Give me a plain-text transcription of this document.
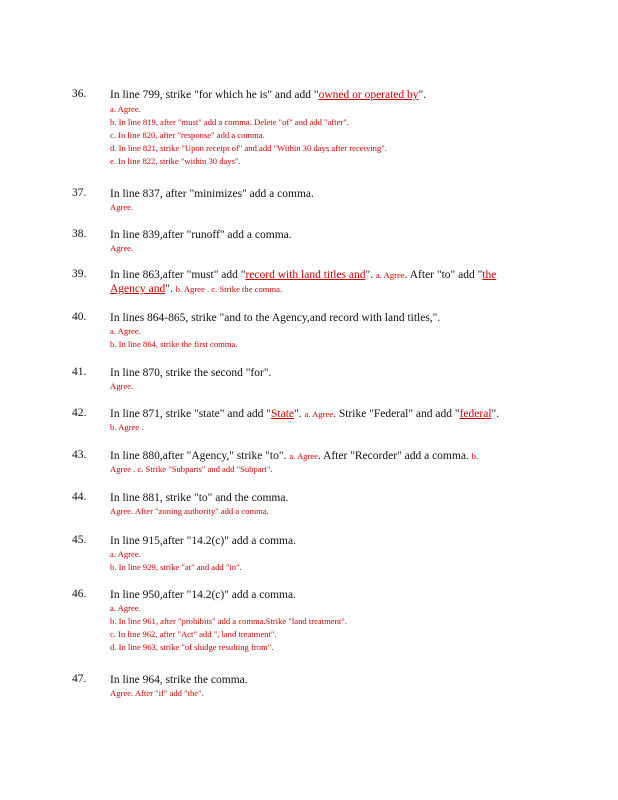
36.	In line 799, strike "for which he is" and add "owned or operated by".
a. Agree.
b. In line 819, after "must" add a comma. Delete "of" and add "after".
c. In line 820, after "response" add a comma.
d. In line 821, strike "Upon receipt of" and add "Within 30 days after receiving".
e. In line 822, strike "within 30 days".
37.	In line 837, after "minimizes" add a comma.
Agree.
38.	In line 839,after "runoff" add a comma.
Agree.
39.	In line 863,after "must" add "record with land titles and". a. Agree. After "to" add "the
Agency and". b. Agree . c. Strike the comma.
40.	In lines 864-865, strike "and to the Agency,and record with land titles,".
a. Agree.
b. In line 864, strike the first comma.
41.	In line 870, strike the second "for".
Agree.
42.	In line 871, strike "state" and add "State". a. Agree. Strike "Federal" and add "federal".
b. Agree .
43.	In line 880,after "Agency," strike "to". a. Agree. After "Recorder" add a comma. b.
Agree . c. Strike "Subparts" and add "Subpart".
44.	In line 881, strike "to" and the comma.
Agree. After "zoning authority" add a comma.
45.	In line 915,after "14.2(c)" add a comma.
a. Agree.
b. In line 929, strike "at" and add "in".
46.	In line 950,after "14.2(c)" add a comma.
a. Agree.
b. In line 961, after "prohibits" add a comma.Strike "land treatment".
c. In line 962, after "Act" add ", land treatment".
d. In line 963, strike "of sludge resulting from".
47.	In line 964, strike the comma.
Agree. After "if" add "the".
